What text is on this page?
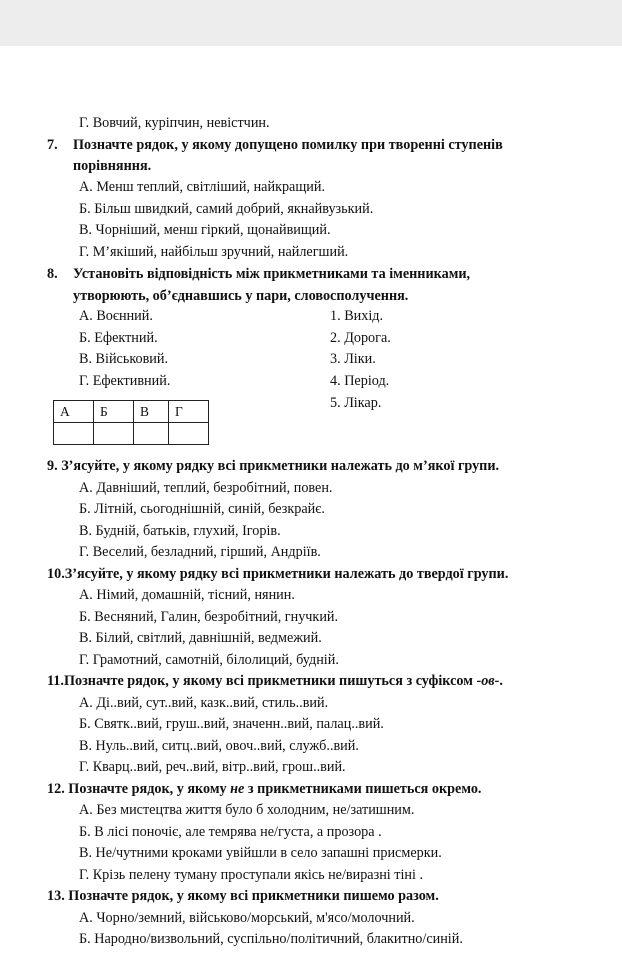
Г. Вовчий, куріпчин, невістчин.
7. Позначте рядок, у якому допущено помилку при творенні ступенів
порівняння.
А. Менш теплий, світліший, найкращий.
Б. Більш швидкий, самий добрий, якнайвузький.
В. Чорніший, менш гіркий, щонайвищий.
Г. М’якіший, найбільш зручний, найлегший.
8. Установіть відповідність між прикметниками та іменниками,
утворюють, об’єднавшись у пари, словосполучення.
А. Воєнний.
Б. Ефектний.
В. Військовий.
Г. Ефективний.
1. Вихід.
2. Дорога.
3. Ліки.
4. Період.
5. Лікар.
А	Б	В	Г

9. З’ясуйте, у якому рядку всі прикметники належать до м’якої групи.
А. Давніший, теплий, безробітний, повен.
Б. Літній, сьогоднішній, синій, безкрайє.
В. Будній, батьків, глухий, Ігорів.
Г. Веселий, безладний, гірший, Андріїв.
10.З’ясуйте, у якому рядку всі прикметники належать до твердої групи.
А. Німий, домашній, тісний, нянин.
Б. Весняний, Галин, безробітний, гнучкий.
В. Білий, світлий, давнішній, ведмежий.
Г. Грамотний, самотній, білолиций, будній.
11.Позначте рядок, у якому всі прикметники пишуться з суфіксом -ов-.
А. Ді..вий, сут..вий, казк..вий, стиль..вий.
Б. Святк..вий, груш..вий, значенн..вий, палац..вий.
В. Нуль..вий, ситц..вий, овоч..вий, служб..вий.
Г. Кварц..вий, реч..вий, вітр..вий, грош..вий.
12. Позначте рядок, у якому не з прикметниками пишеться окремо.
А. Без мистецтва життя було б холодним, не/затишним.
Б. В лісі поночіє, але темрява не/густа, а прозора .
В. Не/чутними кроками увійшли в село запашні присмерки.
Г. Крізь пелену туману проступали якісь не/виразні тіні .
13. Позначте рядок, у якому всі прикметники пишемо разом.
А. Чорно/земний, військово/морський, м'ясо/молочний.
Б. Народно/визвольний, суспільно/політичний, блакитно/синій.
